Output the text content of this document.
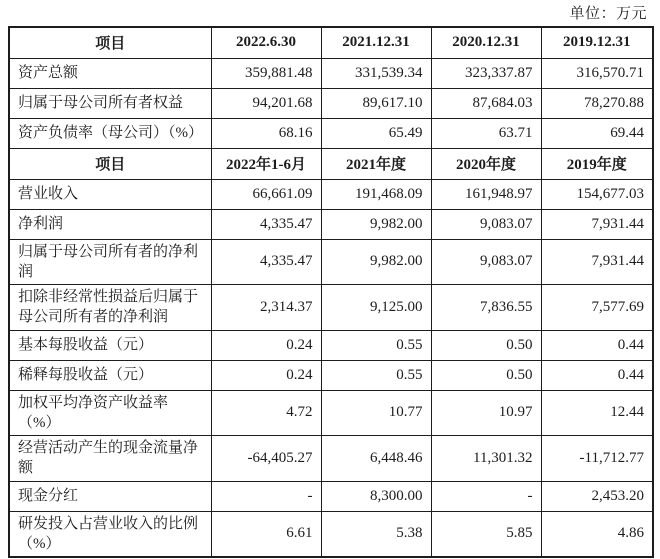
单位：万元
项目	2022.6.30	2021.12.31	2020.12.31	2019.12.31
资产总额	359,881.48	331,539.34	323,337.87	316,570.71
归属于母公司所有者权益	94,201.68	89,617.10	87,684.03	78,270.88
资产负债率（母公司）（%）	68.16	65.49	63.71	69.44
项目	2022年1-6月	2021年度	2020年度	2019年度
营业收入	66,661.09	191,468.09	161,948.97	154,677.03
净利润	4,335.47	9,982.00	9,083.07	7,931.44
归属于母公司所有者的净利润	4,335.47	9,982.00	9,083.07	7,931.44
扣除非经常性损益后归属于母公司所有者的净利润	2,314.37	9,125.00	7,836.55	7,577.69
基本每股收益（元）	0.24	0.55	0.50	0.44
稀释每股收益（元）	0.24	0.55	0.50	0.44
加权平均净资产收益率（%）	4.72	10.77	10.97	12.44
经营活动产生的现金流量净额	-64,405.27	6,448.46	11,301.32	-11,712.77
现金分红	-	8,300.00	-	2,453.20
研发投入占营业收入的比例（%）	6.61	5.38	5.85	4.86
